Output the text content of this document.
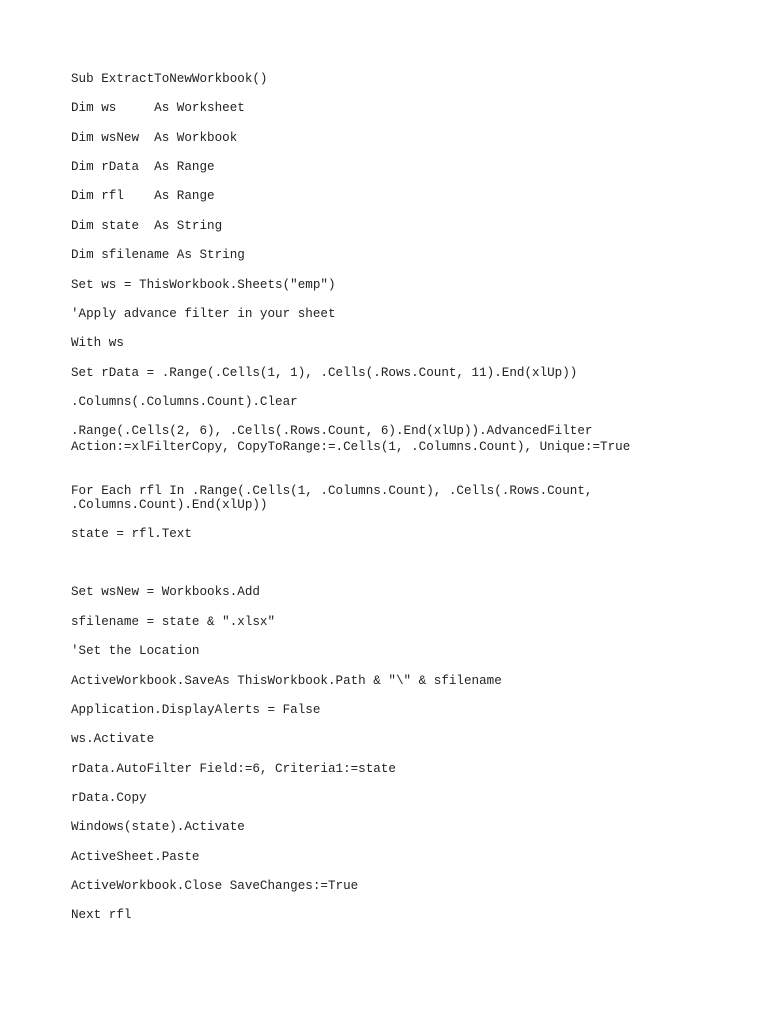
Sub ExtractToNewWorkbook()

Dim ws     As Worksheet

Dim wsNew  As Workbook

Dim rData  As Range

Dim rfl    As Range

Dim state  As String

Dim sfilename As String

Set ws = ThisWorkbook.Sheets("emp")

'Apply advance filter in your sheet

With ws

Set rData = .Range(.Cells(1, 1), .Cells(.Rows.Count, 11).End(xlUp))

.Columns(.Columns.Count).Clear

.Range(.Cells(2, 6), .Cells(.Rows.Count, 6).End(xlUp)).AdvancedFilter

Action:=xlFilterCopy, CopyToRange:=.Cells(1, .Columns.Count), Unique:=True

For Each rfl In .Range(.Cells(1, .Columns.Count), .Cells(.Rows.Count,

.Columns.Count).End(xlUp))

state = rfl.Text

Set wsNew = Workbooks.Add

sfilename = state & ".xlsx"

'Set the Location

ActiveWorkbook.SaveAs ThisWorkbook.Path & "\" & sfilename

Application.DisplayAlerts = False

ws.Activate

rData.AutoFilter Field:=6, Criteria1:=state

rData.Copy

Windows(state).Activate

ActiveSheet.Paste

ActiveWorkbook.Close SaveChanges:=True

Next rfl
